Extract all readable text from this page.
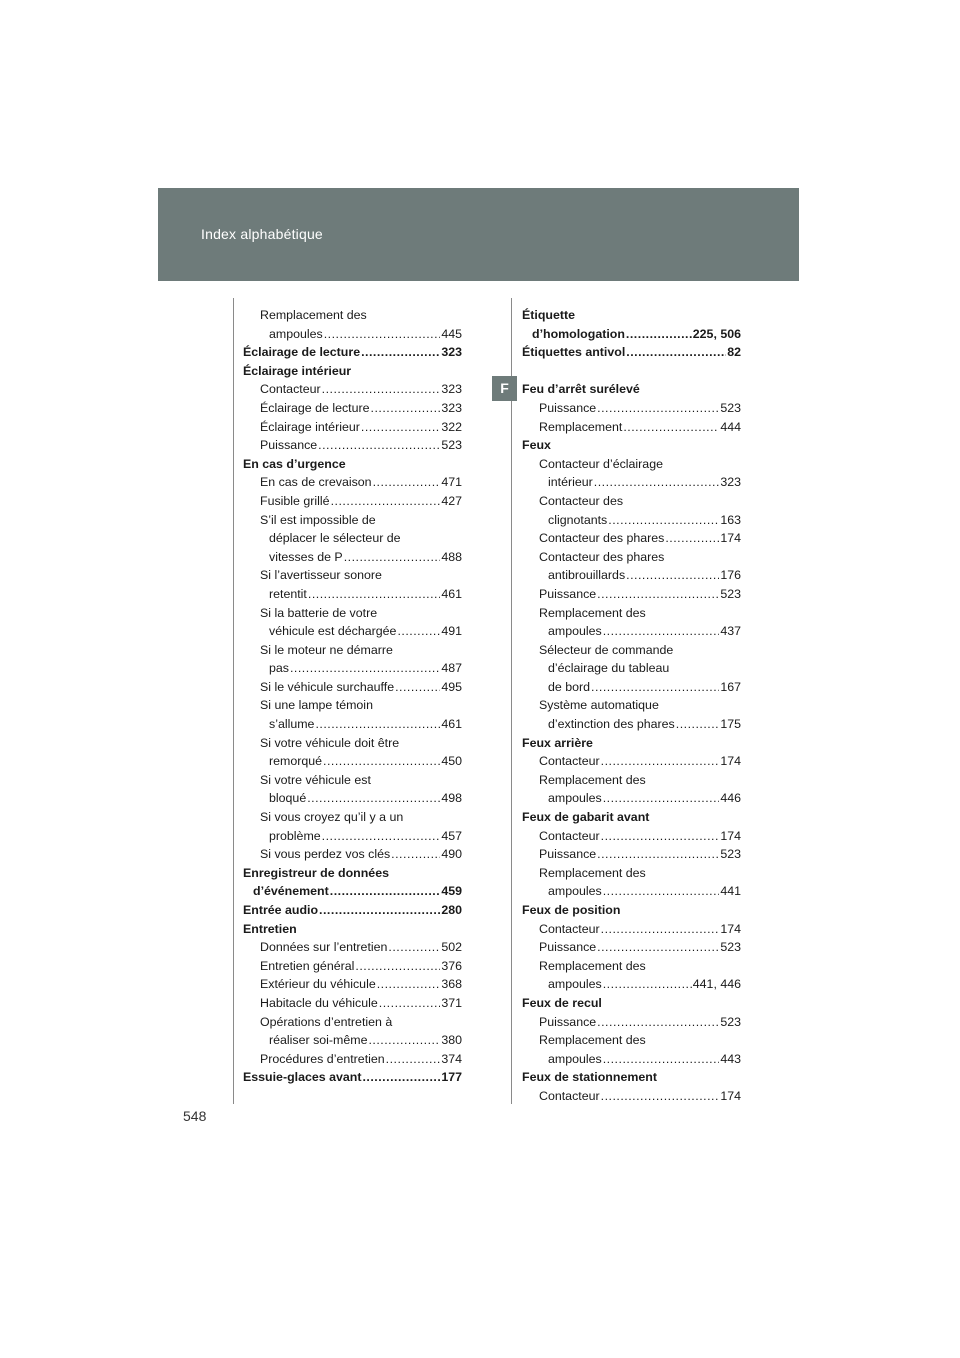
Index alphabétique
F
Remplacement des
ampoules .....	445
Éclairage de lecture .....	323
Éclairage intérieur
Contacteur .....	323
Éclairage de lecture .....	323
Éclairage intérieur .....	322
Puissance .....	523
En cas d’urgence
En cas de crevaison .....	471
Fusible grillé .....	427
S’il est impossible de
déplacer le sélecteur de
vitesses de P .....	488
Si l’avertisseur sonore
retentit .....	461
Si la batterie de votre
véhicule est déchargée .....	491
Si le moteur ne démarre
pas .....	487
Si le véhicule surchauffe .....	495
Si une lampe témoin
s’allume .....	461
Si votre véhicule doit être
remorqué .....	450
Si votre véhicule est
bloqué .....	498
Si vous croyez qu’il y a un
problème .....	457
Si vous perdez vos clés .....	490
Enregistreur de données
d’événement .....	459
Entrée audio .....	280
Entretien
Données sur l’entretien .....	502
Entretien général .....	376
Extérieur du véhicule .....	368
Habitacle du véhicule .....	371
Opérations d’entretien à
réaliser soi-même .....	380
Procédures d’entretien .....	374
Essuie-glaces avant .....	177
Étiquette
d’homologation .....	225, 506
Étiquettes antivol .....	82
Feu d’arrêt surélevé
Puissance .....	523
Remplacement .....	444
Feux
Contacteur d’éclairage
intérieur .....	323
Contacteur des
clignotants .....	163
Contacteur des phares .....	174
Contacteur des phares
antibrouillards .....	176
Puissance .....	523
Remplacement des
ampoules .....	437
Sélecteur de commande
d’éclairage du tableau
de bord .....	167
Système automatique
d’extinction des phares .....	175
Feux arrière
Contacteur .....	174
Remplacement des
ampoules .....	446
Feux de gabarit avant
Contacteur .....	174
Puissance .....	523
Remplacement des
ampoules .....	441
Feux de position
Contacteur .....	174
Puissance .....	523
Remplacement des
ampoules .....	441, 446
Feux de recul
Puissance .....	523
Remplacement des
ampoules .....	443
Feux de stationnement
Contacteur .....	174
548
